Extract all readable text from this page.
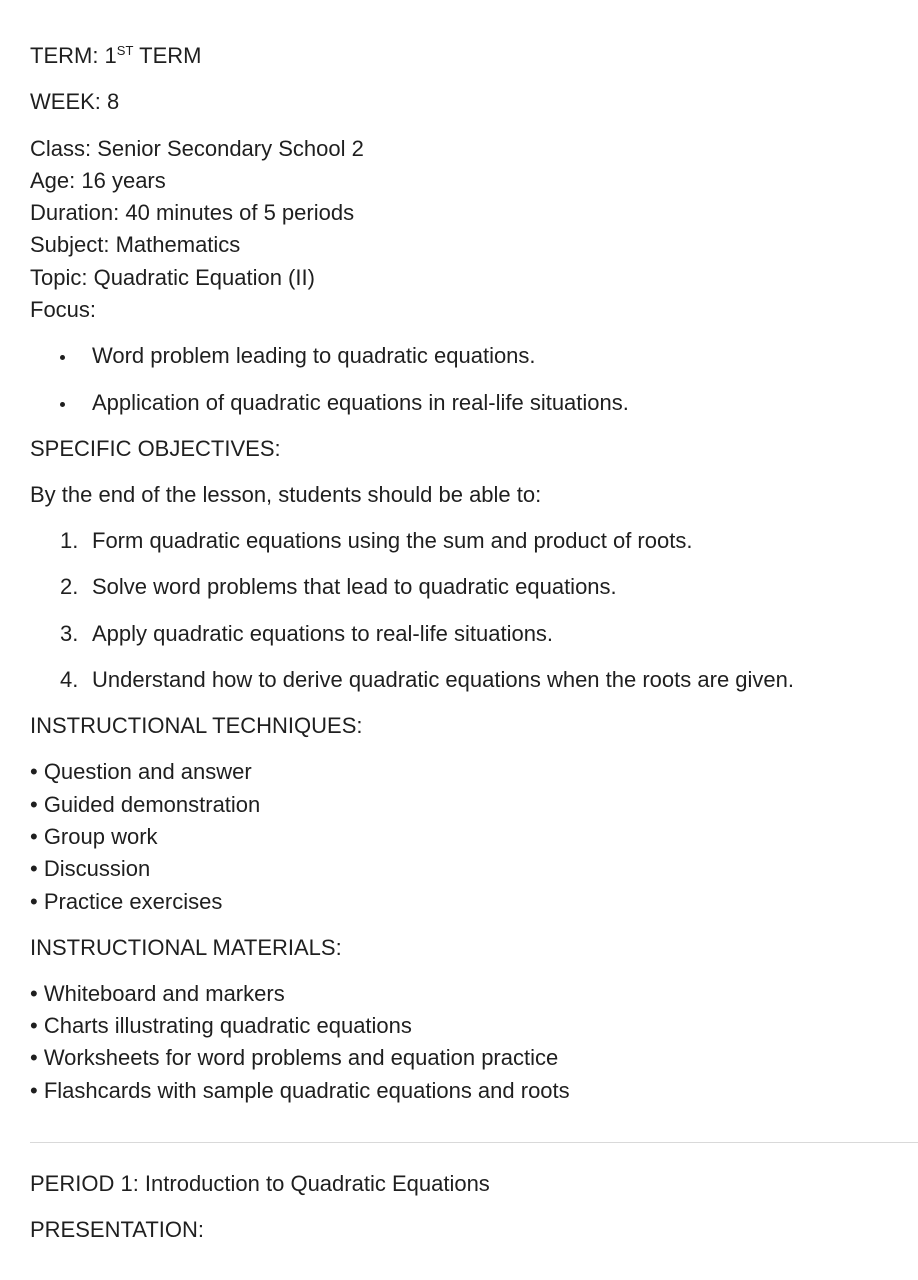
TERM: 1ST TERM
WEEK: 8
Class: Senior Secondary School 2
Age: 16 years
Duration: 40 minutes of 5 periods
Subject: Mathematics
Topic: Quadratic Equation (II)
Focus:
Word problem leading to quadratic equations.
Application of quadratic equations in real-life situations.
SPECIFIC OBJECTIVES:
By the end of the lesson, students should be able to:
1. Form quadratic equations using the sum and product of roots.
2. Solve word problems that lead to quadratic equations.
3. Apply quadratic equations to real-life situations.
4. Understand how to derive quadratic equations when the roots are given.
INSTRUCTIONAL TECHNIQUES:
• Question and answer
• Guided demonstration
• Group work
• Discussion
• Practice exercises
INSTRUCTIONAL MATERIALS:
• Whiteboard and markers
• Charts illustrating quadratic equations
• Worksheets for word problems and equation practice
• Flashcards with sample quadratic equations and roots
PERIOD 1: Introduction to Quadratic Equations
PRESENTATION:
